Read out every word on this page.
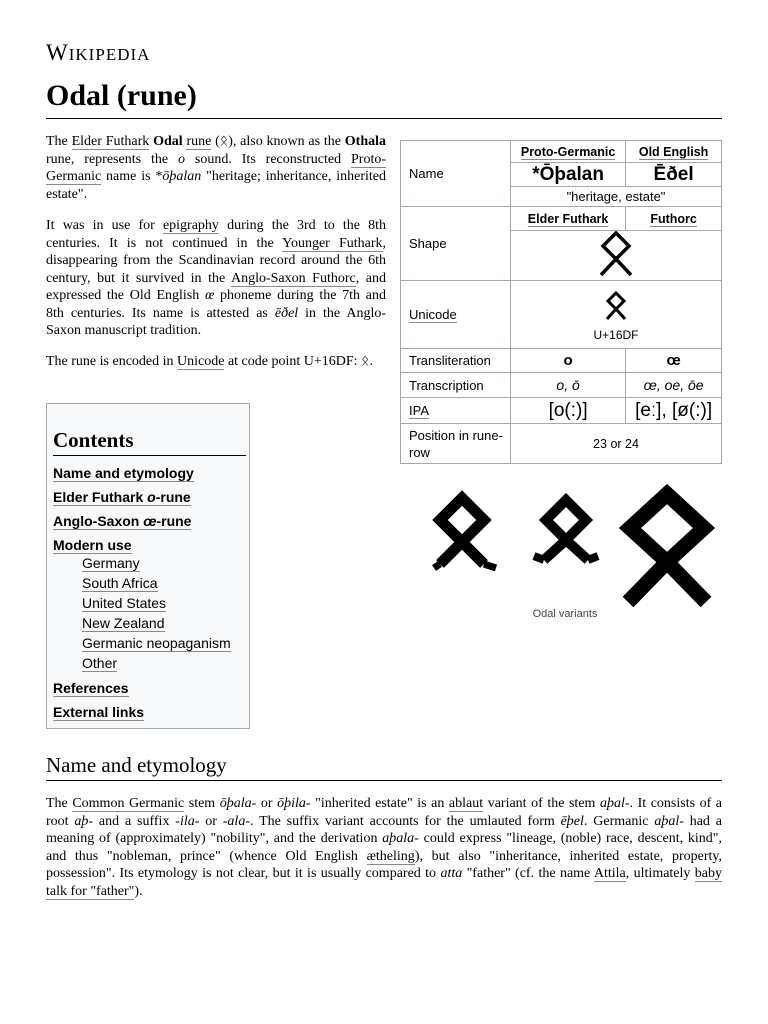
WIKIPEDIA
Odal (rune)

The Elder Futhark Odal rune (ᛟ), also known as the Othala rune, represents the o sound. Its reconstructed Proto-Germanic name is *ōþalan "heritage; inheritance, inherited estate".

It was in use for epigraphy during the 3rd to the 8th centuries. It is not continued in the Younger Futhark, disappearing from the Scandinavian record around the 6th century, but it survived in the Anglo-Saxon Futhorc, and expressed the Old English œ phoneme during the 7th and 8th centuries. Its name is attested as ēðel in the Anglo-Saxon manuscript tradition.

The rune is encoded in Unicode at code point U+16DF: ᛟ.

Contents
Name and etymology
Elder Futhark o-rune
Anglo-Saxon œ-rune
Modern use
Germany
South Africa
United States
New Zealand
Germanic neopaganism
Other
References
External links
Name	Proto-Germanic	Old English
	*Ōþalan	Ēðel
	"heritage, estate"	
Shape	Elder Futhark	Futhorc

Unicode	U+16DF	

Transliteration	o	œ
Transcription	o, ō	œ, oe, ōe
IPA	[o(:)]	[eː], [ø(:)]
Position in rune-row	23 or 24	
Odal variants
Name and etymology

The Common Germanic stem ōþala- or ōþila- "inherited estate" is an ablaut variant of the stem aþal-. It consists of a root aþ- and a suffix -ila- or -ala-. The suffix variant accounts for the umlauted form ēþel. Germanic aþal- had a meaning of (approximately) "nobility", and the derivation aþala- could express "lineage, (noble) race, descent, kind", and thus "nobleman, prince" (whence Old English ætheling), but also "inheritance, inherited estate, property, possession". Its etymology is not clear, but it is usually compared to atta "father" (cf. the name Attila, ultimately baby talk for "father").
